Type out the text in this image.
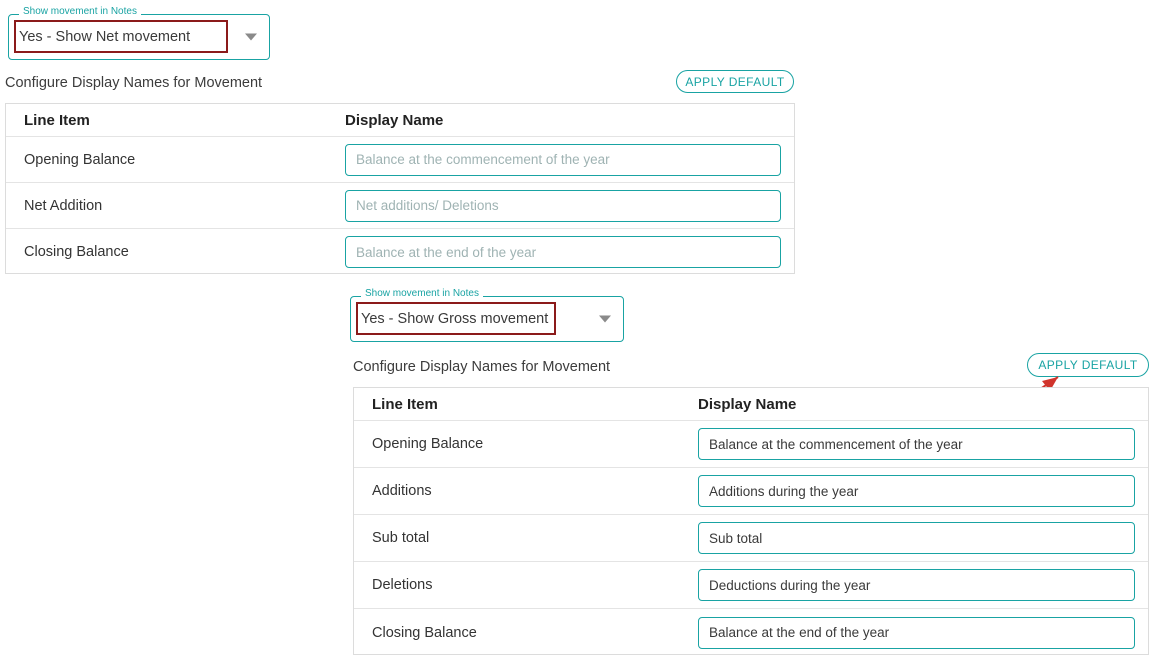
Show movement in Notes
Yes - Show Net movement
Configure Display Names for Movement	APPLY DEFAULT
Line Item	Display Name
Opening Balance	Balance at the commencement of the year
Net Addition	Net additions/ Deletions
Closing Balance	Balance at the end of the year
Show movement in Notes
Yes - Show Gross movement
Configure Display Names for Movement	APPLY DEFAULT
Line Item	Display Name
Opening Balance	Balance at the commencement of the year
Additions	Additions during the year
Sub total	Sub total
Deletions	Deductions during the year
Closing Balance	Balance at the end of the year
